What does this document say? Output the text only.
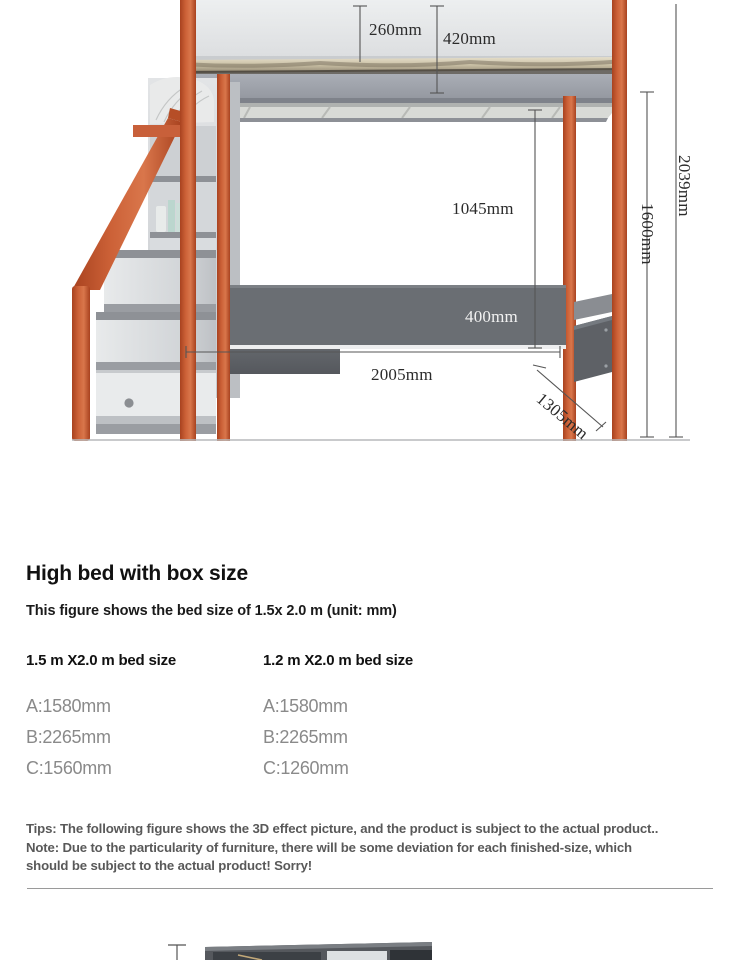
260mm 420mm
1045mm
400mm
2005mm
1305mm
2039mm
1600mm
High bed with box size
This figure shows the bed size of 1.5x 2.0 m (unit: mm)
1.5 m X2.0 m bed size	1.2 m X2.0 m bed size
A:1580mm
B:2265mm
C:1560mm
A:1580mm
B:2265mm
C:1260mm
Tips: The following figure shows the 3D effect picture, and the product is subject to the actual product.. Note: Due to the particularity of furniture, there will be some deviation for each finished-size, which should be subject to the actual product! Sorry!
